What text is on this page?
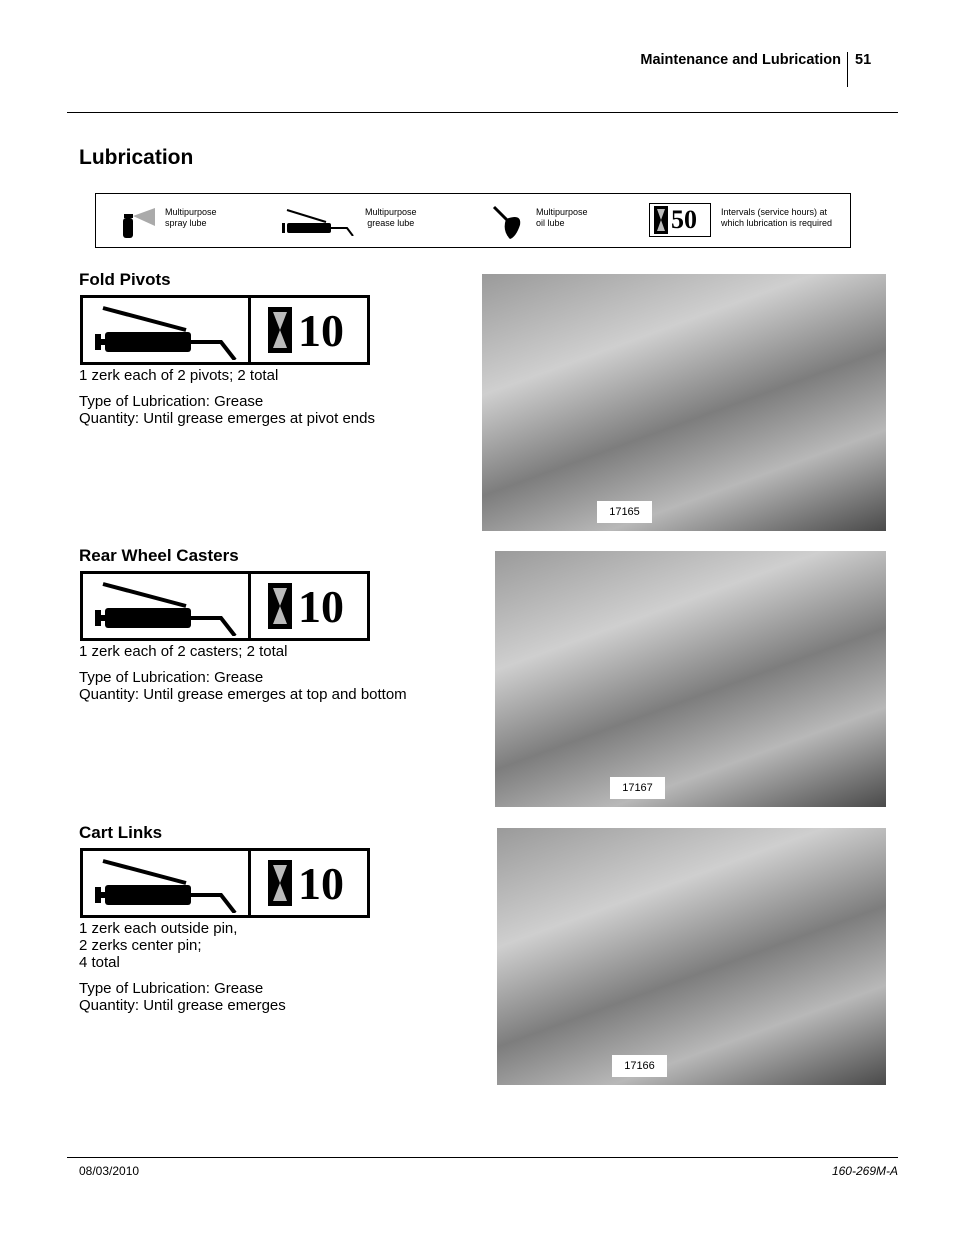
Maintenance and Lubrication 51
Lubrication
Multipurpose
spray lube
Multipurpose
grease lube
Multipurpose
oil lube	50	Intervals (service hours) at
which lubrication is required
Fold Pivots
10
1 zerk each of 2 pivots; 2 total
Type of Lubrication: Grease
Quantity: Until grease emerges at pivot ends
17165
Rear Wheel Casters
10
1 zerk each of 2 casters; 2 total
Type of Lubrication: Grease
Quantity: Until grease emerges at top and bottom
17167
Cart Links
10
1 zerk each outside pin,
2 zerks center pin;
4 total
Type of Lubrication: Grease
Quantity: Until grease emerges
17166
08/03/2010	160-269M-A
